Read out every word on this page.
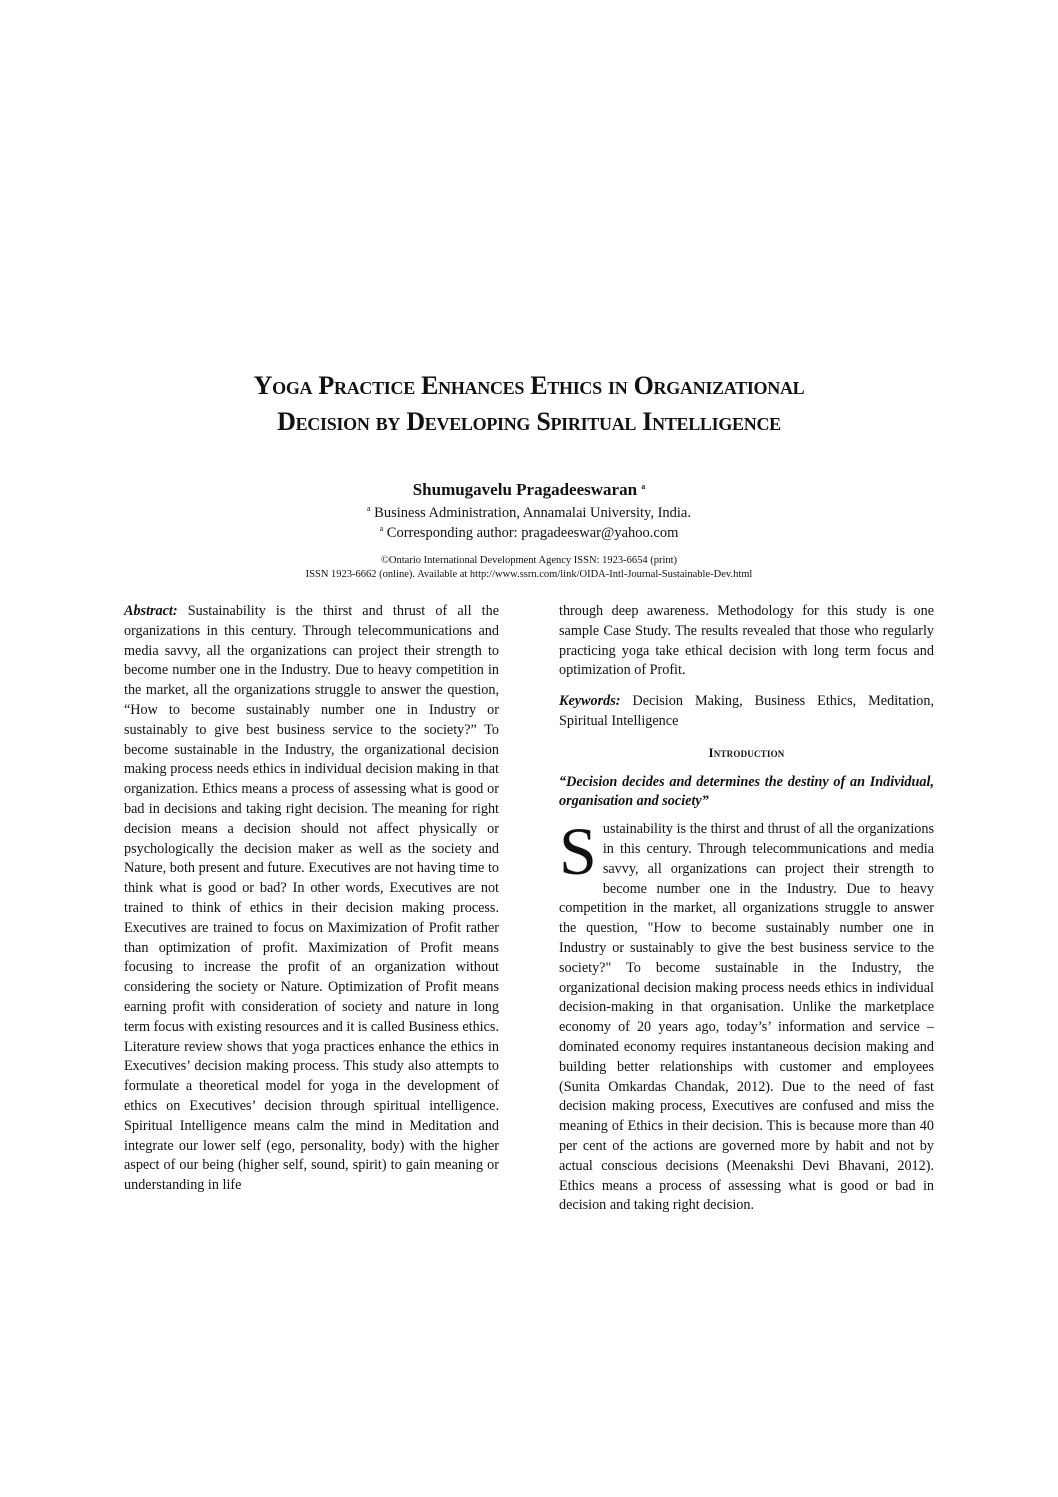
Yoga Practice Enhances Ethics in Organizational
Decision by Developing Spiritual Intelligence
Shumugavelu Pragadeeswaran $^a$
$^a$ Business Administration, Annamalai University, India.
$^a$ Corresponding author: pragadeeswar@yahoo.com
©Ontario International Development Agency ISSN: 1923-6654 (print)
ISSN 1923-6662 (online). Available at http://www.ssrn.com/link/OIDA-Intl-Journal-Sustainable-Dev.html

Abstract: Sustainability is the thirst and thrust of all the organizations in this century. Through telecommunications and media savvy, all the organizations can project their strength to become number one in the Industry. Due to heavy competition in the market, all the organizations struggle to answer the question, “How to become sustainably number one in Industry or sustainably to give best business service to the society?” To become sustainable in the Industry, the organizational decision making process needs ethics in individual decision making in that organization. Ethics means a process of assessing what is good or bad in decisions and taking right decision. The meaning for right decision means a decision should not affect physically or psychologically the decision maker as well as the society and Nature, both present and future. Executives are not having time to think what is good or bad? In other words, Executives are not trained to think of ethics in their decision making process. Executives are trained to focus on Maximization of Profit rather than optimization of profit. Maximization of Profit means focusing to increase the profit of an organization without considering the society or Nature. Optimization of Profit means earning profit with consideration of society and nature in long term focus with existing resources and it is called Business ethics. Literature review shows that yoga practices enhance the ethics in Executives’ decision making process. This study also attempts to formulate a theoretical model for yoga in the development of ethics on Executives’ decision through spiritual intelligence. Spiritual Intelligence means calm the mind in Meditation and integrate our lower self (ego, personality, body) with the higher aspect of our being (higher self, sound, spirit) to gain meaning or understanding in life

through deep awareness. Methodology for this study is one sample Case Study. The results revealed that those who regularly practicing yoga take ethical decision with long term focus and optimization of Profit.

Keywords: Decision Making, Business Ethics, Meditation, Spiritual Intelligence

Introduction

“Decision decides and determines the destiny of an Individual, organisation and society”

Sustainability is the thirst and thrust of all the organizations in this century. Through telecommunications and media savvy, all organizations can project their strength to become number one in the Industry. Due to heavy competition in the market, all organizations struggle to answer the question, "How to become sustainably number one in Industry or sustainably to give the best business service to the society?" To become sustainable in the Industry, the organizational decision making process needs ethics in individual decision-making in that organisation. Unlike the marketplace economy of 20 years ago, today’s’ information and service –dominated economy requires instantaneous decision making and building better relationships with customer and employees (Sunita Omkardas Chandak, 2012). Due to the need of fast decision making process, Executives are confused and miss the meaning of Ethics in their decision. This is because more than 40 per cent of the actions are governed more by habit and not by actual conscious decisions (Meenakshi Devi Bhavani, 2012). Ethics means a process of assessing what is good or bad in decision and taking right decision.
